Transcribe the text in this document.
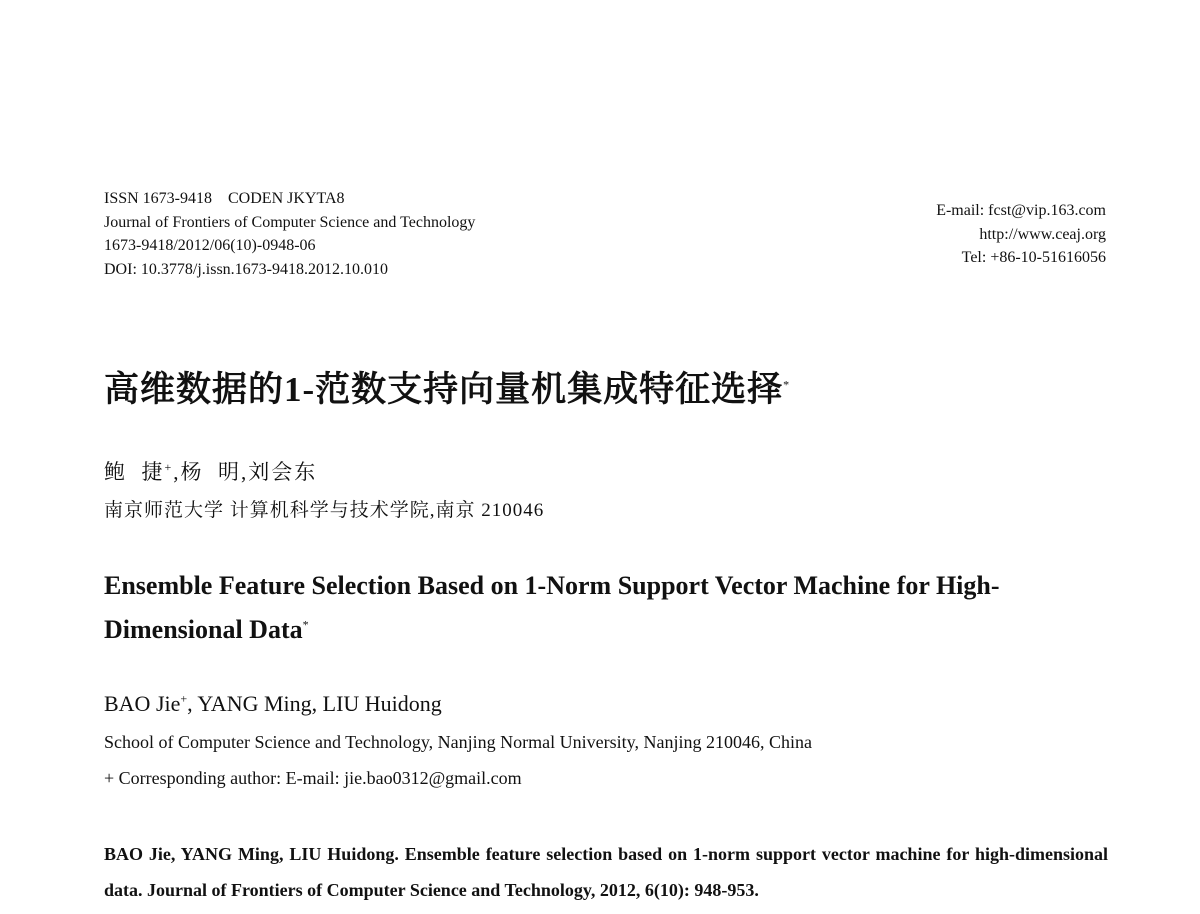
ISSN 1673-9418    CODEN JKYTA8
Journal of Frontiers of Computer Science and Technology
1673-9418/2012/06(10)-0948-06
DOI: 10.3778/j.issn.1673-9418.2012.10.010
E-mail: fcst@vip.163.com
http://www.ceaj.org
Tel: +86-10-51616056
高维数据的1-范数支持向量机集成特征选择*
鲍  捷+,杨  明,刘会东
南京师范大学 计算机科学与技术学院,南京 210046
Ensemble Feature Selection Based on 1-Norm Support Vector Machine for High-Dimensional Data*
BAO Jie+, YANG Ming, LIU Huidong
School of Computer Science and Technology, Nanjing Normal University, Nanjing 210046, China
+ Corresponding author: E-mail: jie.bao0312@gmail.com
BAO Jie, YANG Ming, LIU Huidong. Ensemble feature selection based on 1-norm support vector machine for high-dimensional data. Journal of Frontiers of Computer Science and Technology, 2012, 6(10): 948-953.
